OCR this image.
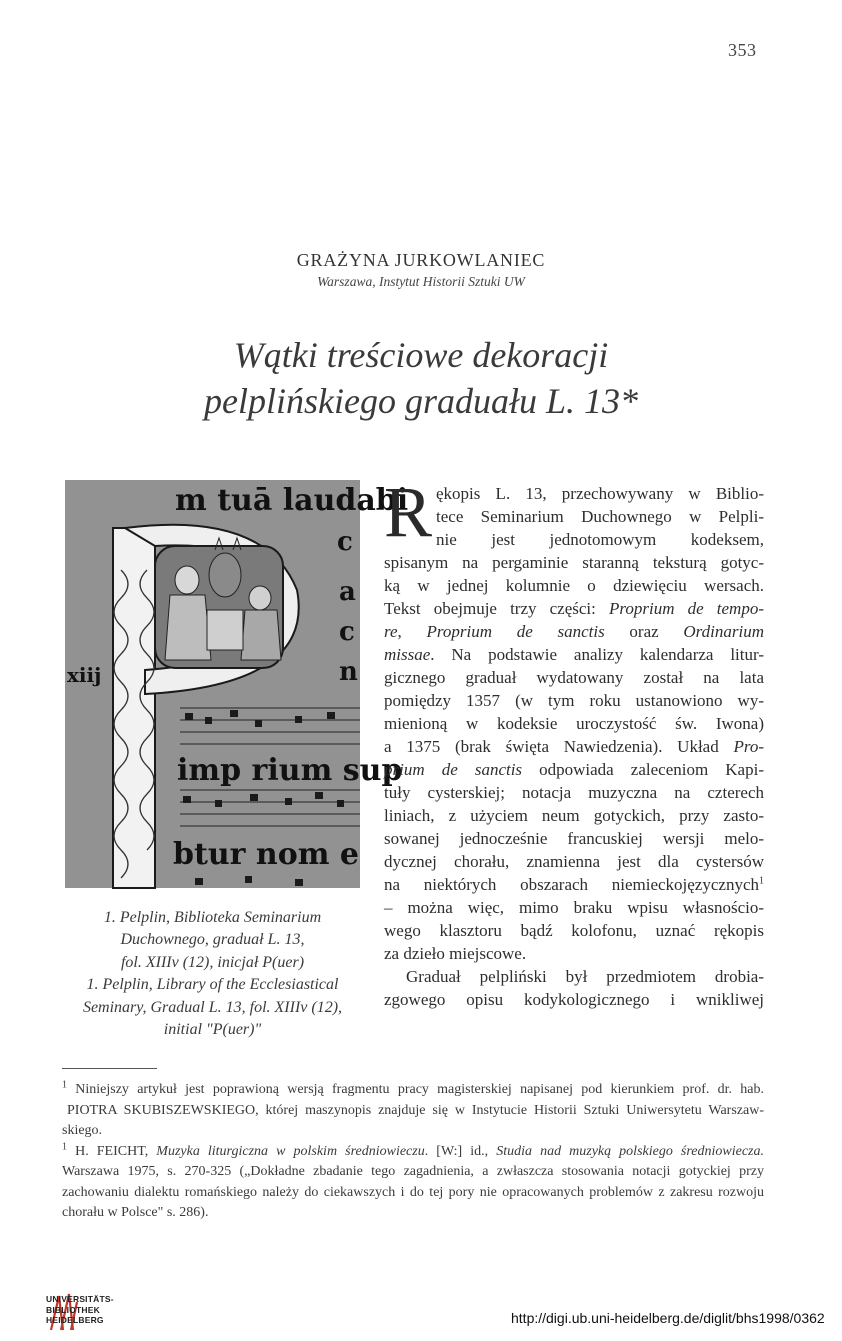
353
GRAŻYNA JURKOWLANIEC
Warszawa, Instytut Historii Sztuki UW
Wątki treściowe dekoracji
pelplińskiego graduału L. 13*
m tuā laudabi
imp rium sup
btur nom e
xiij
c
a
c
n
1. Pelplin, Biblioteka Seminarium
Duchownego, graduał L. 13,
fol. XIIIv (12), inicjał P(uer)
1. Pelplin, Library of the Ecclesiastical
Seminary, Gradual L. 13, fol. XIIIv (12),
initial "P(uer)"
R ękopis L. 13, przechowywany w Biblio-
tece Seminarium Duchownego w Pelpli-
nie jest jednotomowym kodeksem,
spisanym na pergaminie staranną teksturą gotyc-
ką w jednej kolumnie o dziewięciu wersach.
Tekst obejmuje trzy części: Proprium de tempo-
re, Proprium de sanctis oraz Ordinarium
missae. Na podstawie analizy kalendarza litur-
gicznego graduał wydatowany został na lata
pomiędzy 1357 (w tym roku ustanowiono wy-
mienioną w kodeksie uroczystość św. Iwona)
a 1375 (brak święta Nawiedzenia). Układ Pro-
prium de sanctis odpowiada zaleceniom Kapi-
tuły cysterskiej; notacja muzyczna na czterech
liniach, z użyciem neum gotyckich, przy zasto-
sowanej jednocześnie francuskiej wersji melo-
dycznej chorału, znamienna jest dla cystersów
na niektórych obszarach niemieckojęzycznych$^1$
– można więc, mimo braku wpisu własnościo-
wego klasztoru bądź kolofonu, uznać rękopis
za dzieło miejscowe.
Graduał pelpliński był przedmiotem drobia-
zgowego opisu kodykologicznego i wnikliwej
$^1$ Niniejszy artykuł jest poprawioną wersją fragmentu pracy magisterskiej napisanej pod kierunkiem prof. dr. hab.
PIOTRA SKUBISZEWSKIEGO, której maszynopis znajduje się w Instytucie Historii Sztuki Uniwersytetu Warszaw-
skiego.
$^1$ H. FEICHT, Muzyka liturgiczna w polskim średniowieczu. [W:] id., Studia nad muzyką polskiego średniowiecza.
Warszawa 1975, s. 270-325 („Dokładne zbadanie tego zagadnienia, a zwłaszcza stosowania notacji gotyckiej przy
zachowaniu dialektu romańskiego należy do ciekawszych i do tej pory nie opracowanych problemów z zakresu rozwoju
chorału w Polsce" s. 286).
UNIVERSITÄTS-
BIBLIOTHEK
HEIDELBERG	http://digi.ub.uni-heidelberg.de/diglit/bhs1998/0362
